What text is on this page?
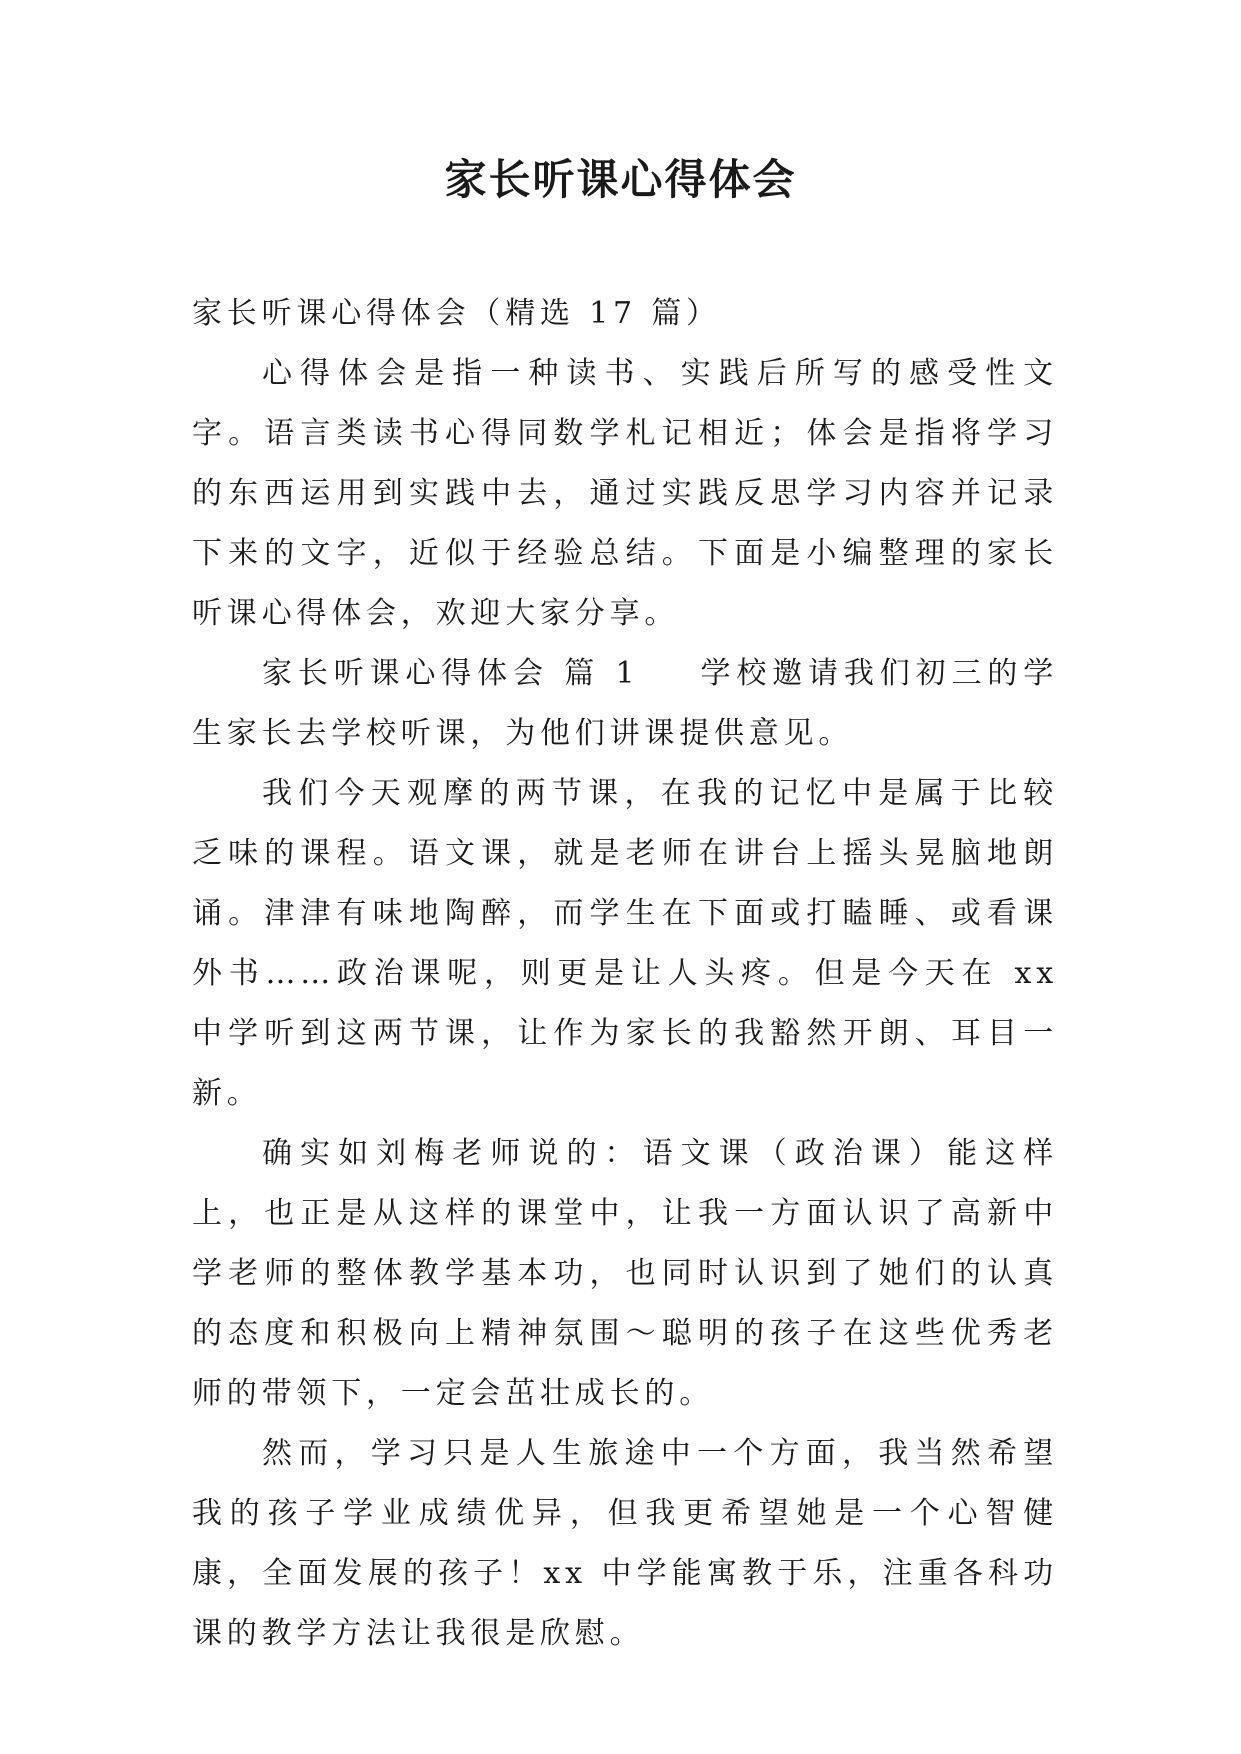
家长听课心得体会

家长听课心得体会（精选 17 篇）

心得体会是指一种读书、实践后所写的感受性文字。语言类读书心得同数学札记相近；体会是指将学习的东西运用到实践中去，通过实践反思学习内容并记录下来的文字，近似于经验总结。下面是小编整理的家长听课心得体会，欢迎大家分享。

家长听课心得体会 篇 1 学校邀请我们初三的学生家长去学校听课，为他们讲课提供意见。

我们今天观摩的两节课，在我的记忆中是属于比较乏味的课程。语文课，就是老师在讲台上摇头晃脑地朗诵。津津有味地陶醉，而学生在下面或打瞌睡、或看课外书……政治课呢，则更是让人头疼。但是今天在 xx 中学听到这两节课，让作为家长的我豁然开朗、耳目一新。

确实如刘梅老师说的：语文课（政治课）能这样上，也正是从这样的课堂中，让我一方面认识了高新中学老师的整体教学基本功，也同时认识到了她们的认真的态度和积极向上精神氛围～聪明的孩子在这些优秀老师的带领下，一定会茁壮成长的。

然而，学习只是人生旅途中一个方面，我当然希望我的孩子学业成绩优异，但我更希望她是一个心智健康，全面发展的孩子！xx 中学能寓教于乐，注重各科功课的教学方法让我很是欣慰。
